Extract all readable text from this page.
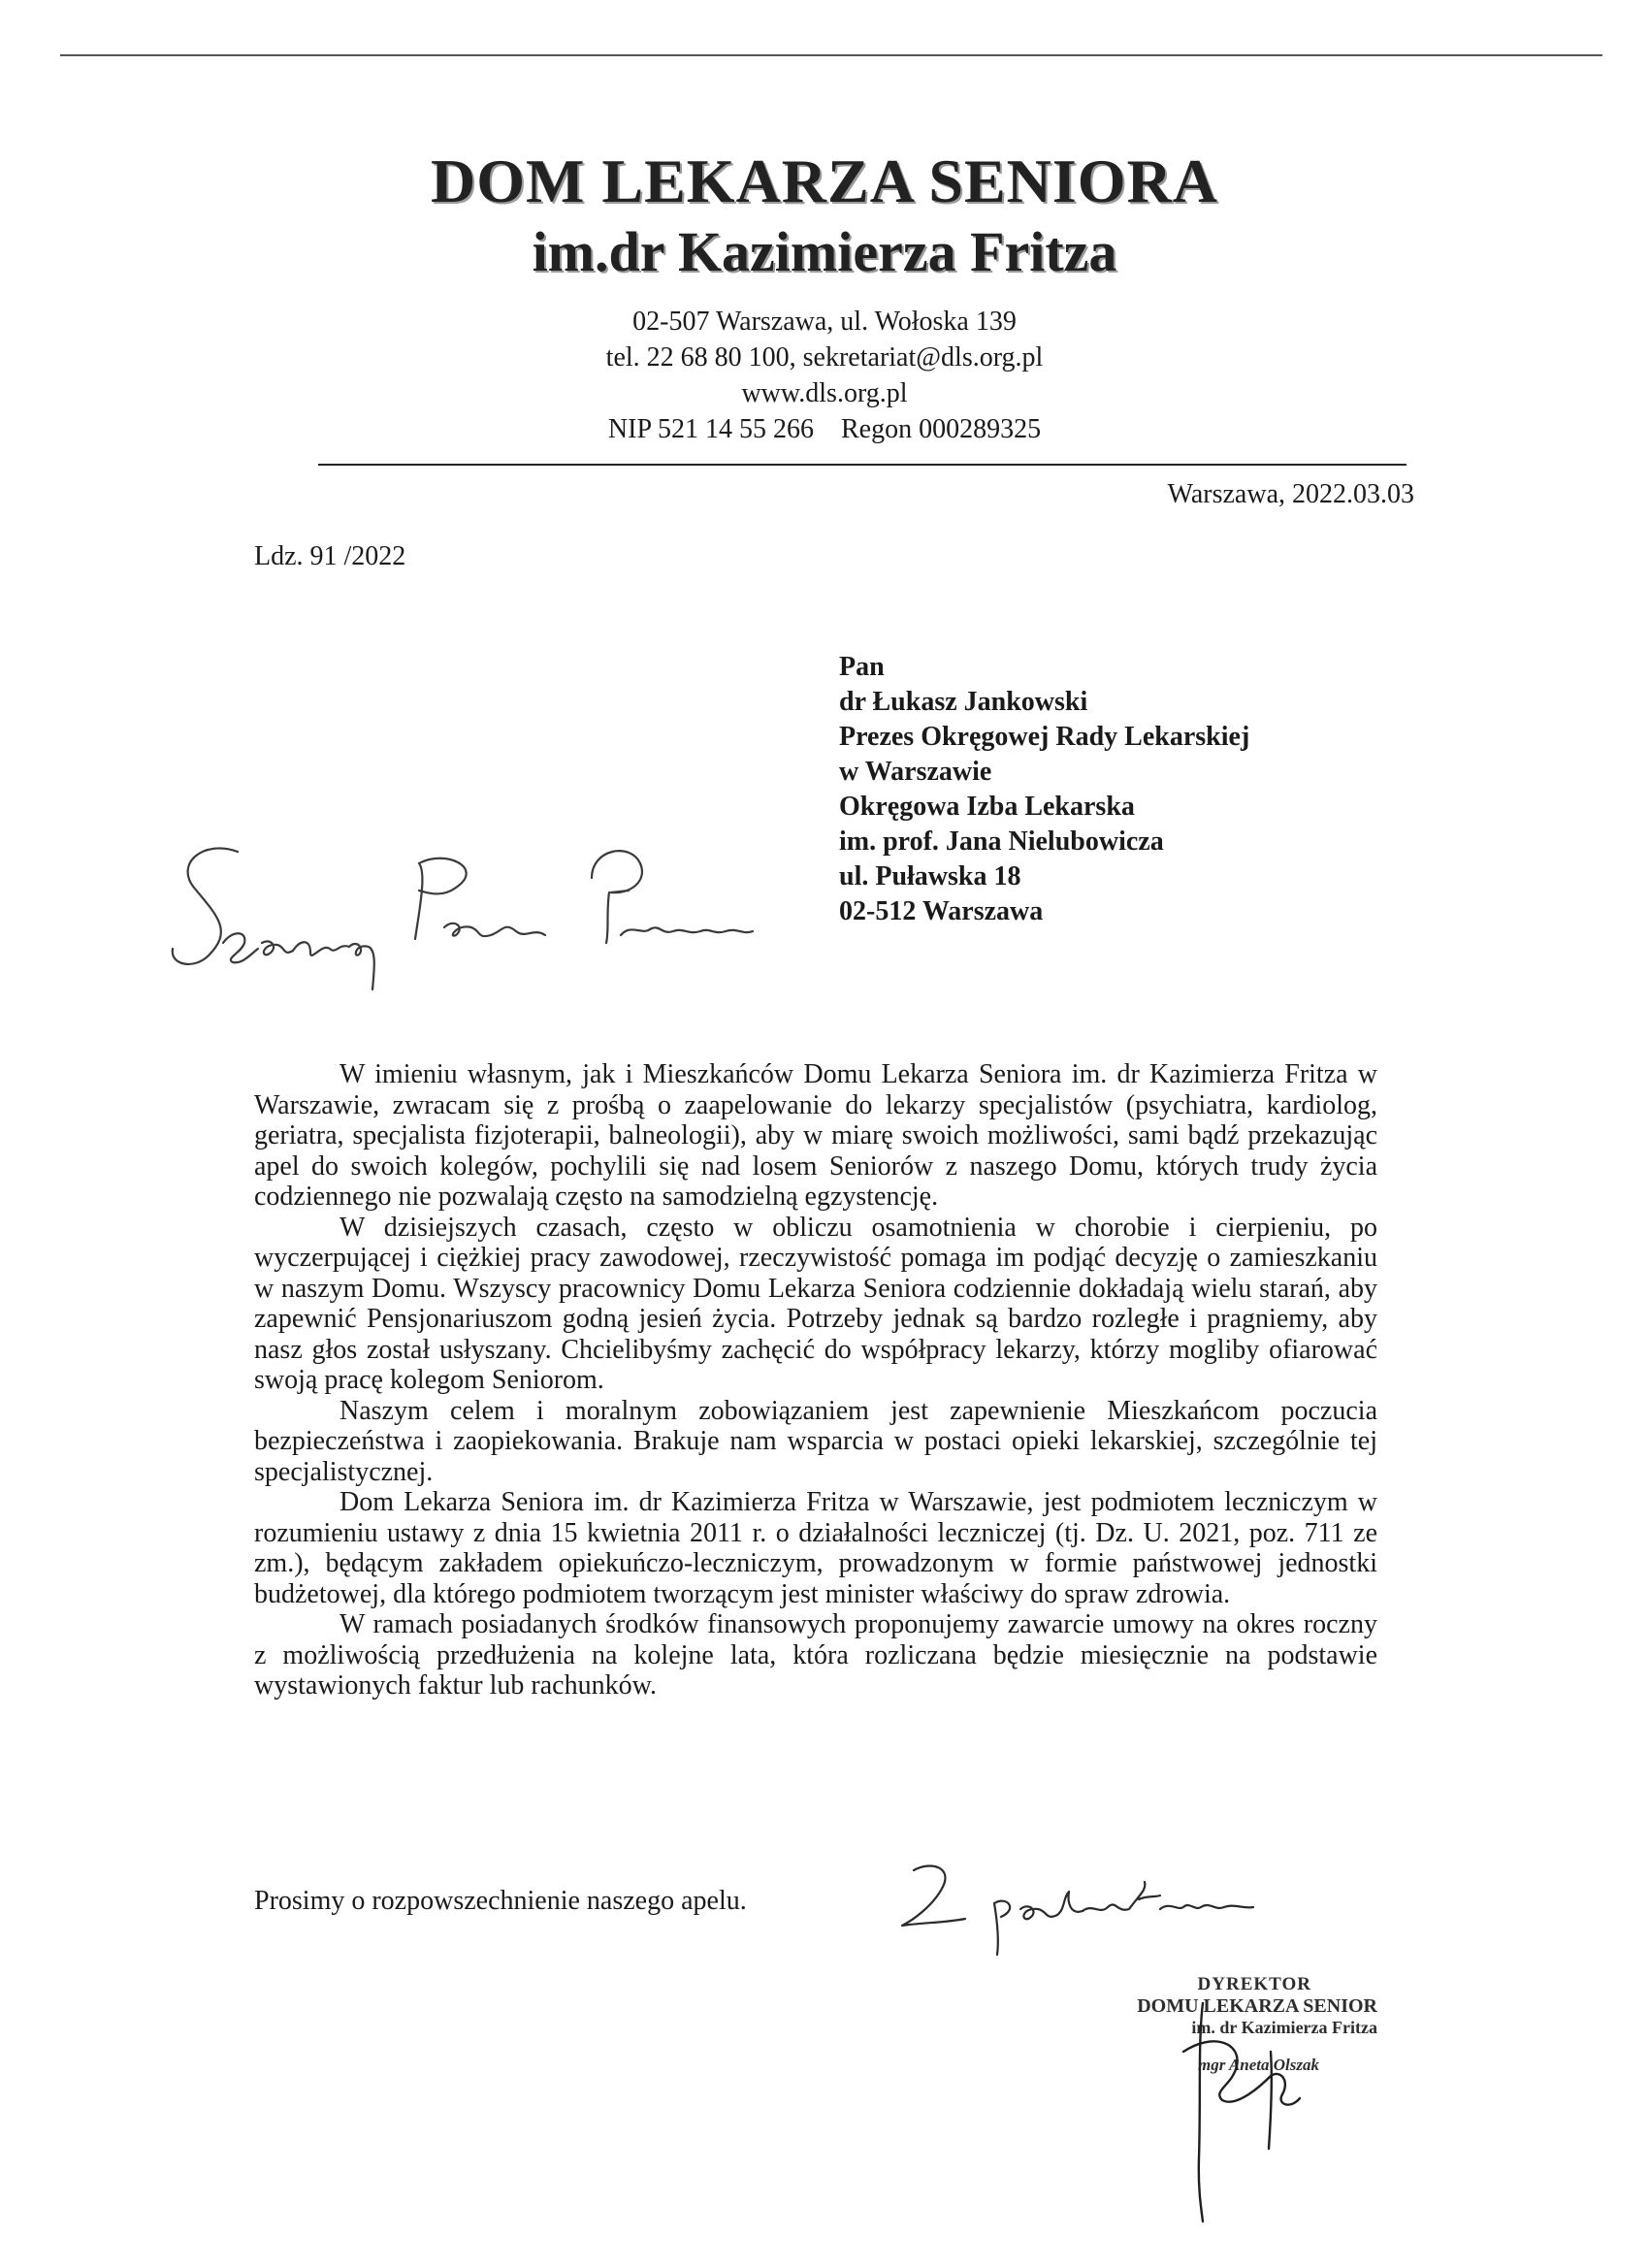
DOM LEKARZA SENIORA
im.dr Kazimierza Fritza
02-507 Warszawa, ul. Wołoska 139
tel. 22 68 80 100, sekretariat@dls.org.pl
www.dls.org.pl
NIP 521 14 55 266    Regon 000289325
Warszawa, 2022.03.03
Ldz. 91 /2022
Pan
dr Łukasz Jankowski
Prezes Okręgowej Rady Lekarskiej
w Warszawie
Okręgowa Izba Lekarska
im. prof. Jana Nielubowicza
ul. Puławska 18
02-512 Warszawa

W imieniu własnym, jak i Mieszkańców Domu Lekarza Seniora im. dr Kazimierza Fritza w Warszawie, zwracam się z prośbą o zaapelowanie do lekarzy specjalistów (psychiatra, kardiolog, geriatra, specjalista fizjoterapii, balneologii), aby w miarę swoich możliwości, sami bądź przekazując apel do swoich kolegów, pochylili się nad losem Seniorów z naszego Domu, których trudy życia codziennego nie pozwalają często na samodzielną egzystencję.

W dzisiejszych czasach, często w obliczu osamotnienia w chorobie i cierpieniu, po wyczerpującej i ciężkiej pracy zawodowej, rzeczywistość pomaga im podjąć decyzję o zamieszkaniu w naszym Domu. Wszyscy pracownicy Domu Lekarza Seniora codziennie dokładają wielu starań, aby zapewnić Pensjonariuszom godną jesień życia. Potrzeby jednak są bardzo rozległe i pragniemy, aby nasz głos został usłyszany. Chcielibyśmy zachęcić do współpracy lekarzy, którzy mogliby ofiarować swoją pracę kolegom Seniorom.

Naszym celem i moralnym zobowiązaniem jest zapewnienie Mieszkańcom poczucia bezpieczeństwa i zaopiekowania. Brakuje nam wsparcia w postaci opieki lekarskiej, szczególnie tej specjalistycznej.

Dom Lekarza Seniora im. dr Kazimierza Fritza w Warszawie, jest podmiotem leczniczym w rozumieniu ustawy z dnia 15 kwietnia 2011 r. o działalności leczniczej (tj. Dz. U. 2021, poz. 711 ze zm.), będącym zakładem opiekuńczo-leczniczym, prowadzonym w formie państwowej jednostki budżetowej, dla którego podmiotem tworzącym jest minister właściwy do spraw zdrowia.

W ramach posiadanych środków finansowych proponujemy zawarcie umowy na okres roczny z możliwością przedłużenia na kolejne lata, która rozliczana będzie miesięcznie na podstawie wystawionych faktur lub rachunków.

Prosimy o rozpowszechnienie naszego apelu.
DYREKTOR
DOMU LEKARZA SENIOR
im. dr Kazimierza Fritza
mgr Aneta Olszak
